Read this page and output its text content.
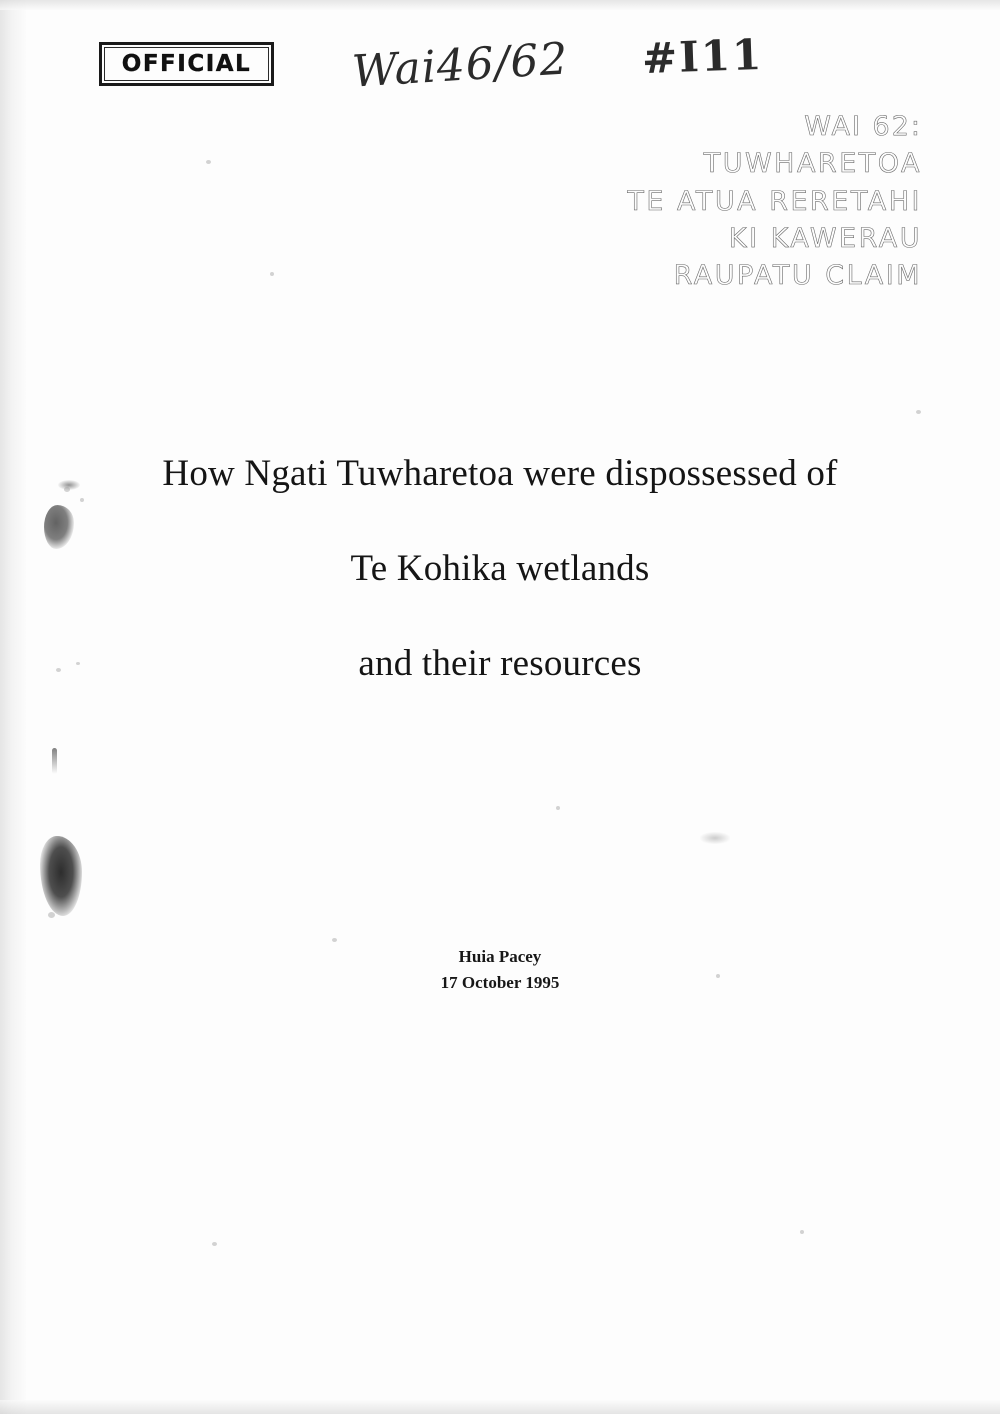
OFFICIAL Wai46/62 #I11
WAI 62:
TUWHARETOA
TE ATUA RERETAHI
KI KAWERAU
RAUPATU CLAIM
How Ngati Tuwharetoa were dispossessed of
Te Kohika wetlands
and their resources
Huia Pacey
17 October 1995
